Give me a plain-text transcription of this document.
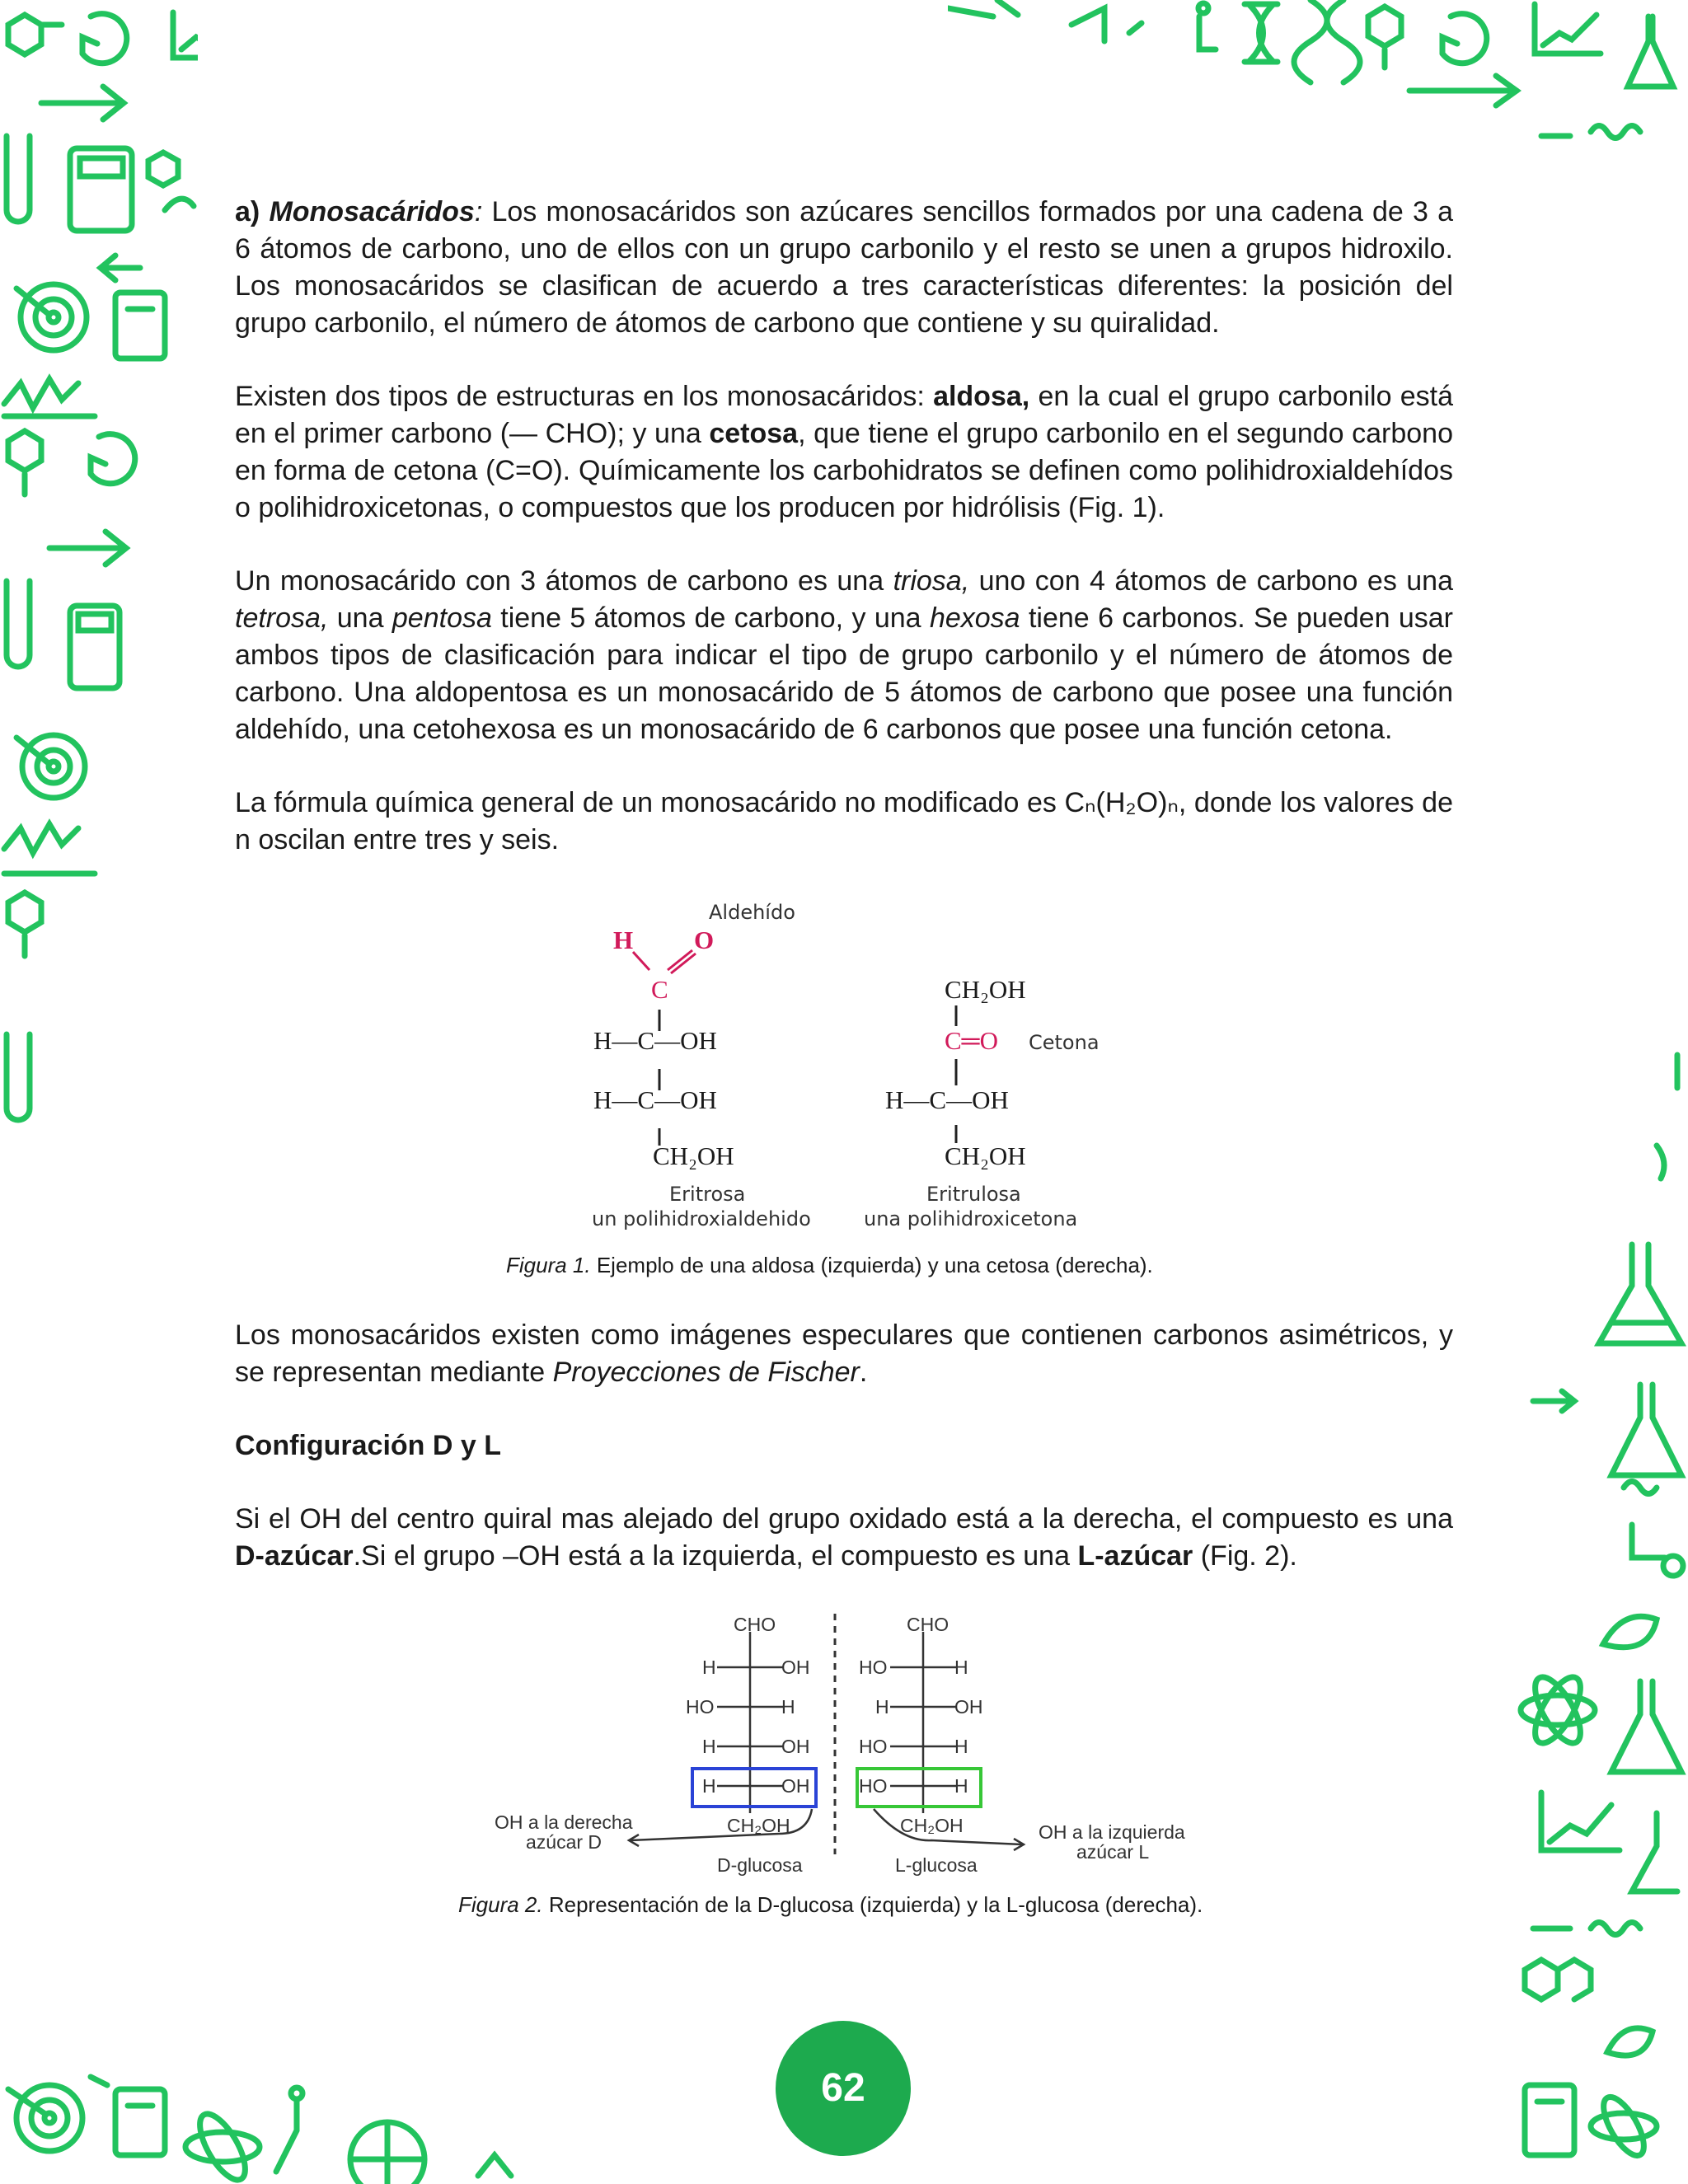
a) Monosacáridos: Los monosacáridos son azúcares sencillos formados por una cadena de 3 a 6 átomos de carbono, uno de ellos con un grupo carbonilo y el resto se unen a grupos hidroxilo. Los monosacáridos se clasifican de acuerdo a tres características diferentes: la posición del grupo carbonilo, el número de átomos de carbono que contiene y su quiralidad.

Existen dos tipos de estructuras en los monosacáridos: aldosa, en la cual el grupo carbonilo está en el primer carbono (— CHO); y una cetosa, que tiene el grupo carbonilo en el segundo carbono en forma de cetona (C=O). Químicamente los carbohidratos se definen como polihidroxialdehídos o polihidroxicetonas, o compuestos que los producen por hidrólisis (Fig. 1).

Un monosacárido con 3 átomos de carbono es una triosa, uno con 4 átomos de carbono es una tetrosa, una pentosa tiene 5 átomos de carbono, y una hexosa tiene 6 carbonos. Se pueden usar ambos tipos de clasificación para indicar el tipo de grupo carbonilo y el número de átomos de carbono. Una aldopentosa es un monosacárido de 5 átomos de carbono que posee una función aldehído, una cetohexosa es un monosacárido de 6 carbonos que posee una función cetona.

La fórmula química general de un monosacárido no modificado es Cₙ(H₂O)ₙ, donde los valores de n oscilan entre tres y seis.

Aldehído
H O
C
H—C—OH
H—C—OH
CH₂OH
Eritrosa
un polihidroxialdehido
CH₂OH
C═O Cetona
H—C—OH
CH₂OH
Eritrulosa
una polihidroxicetona
Figura 1. Ejemplo de una aldosa (izquierda) y una cetosa (derecha).

Los monosacáridos existen como imágenes especulares que contienen carbonos asimétricos, y se representan mediante Proyecciones de Fischer.

Configuración D y L

Si el OH del centro quiral mas alejado del grupo oxidado está a la derecha, el compuesto es una D-azúcar.Si el grupo –OH está a la izquierda, el compuesto es una L-azúcar (Fig. 2).

CHO
H	OH
HO	H
H	OH
H	OH
CH₂OH
D-glucosa
OH a la derecha
azúcar D
CHO
HO	H
H	OH
HO	H
HO	H
CH₂OH
L-glucosa
OH a la izquierda
azúcar L
Figura 2. Representación de la D-glucosa (izquierda) y la L-glucosa (derecha).
62
